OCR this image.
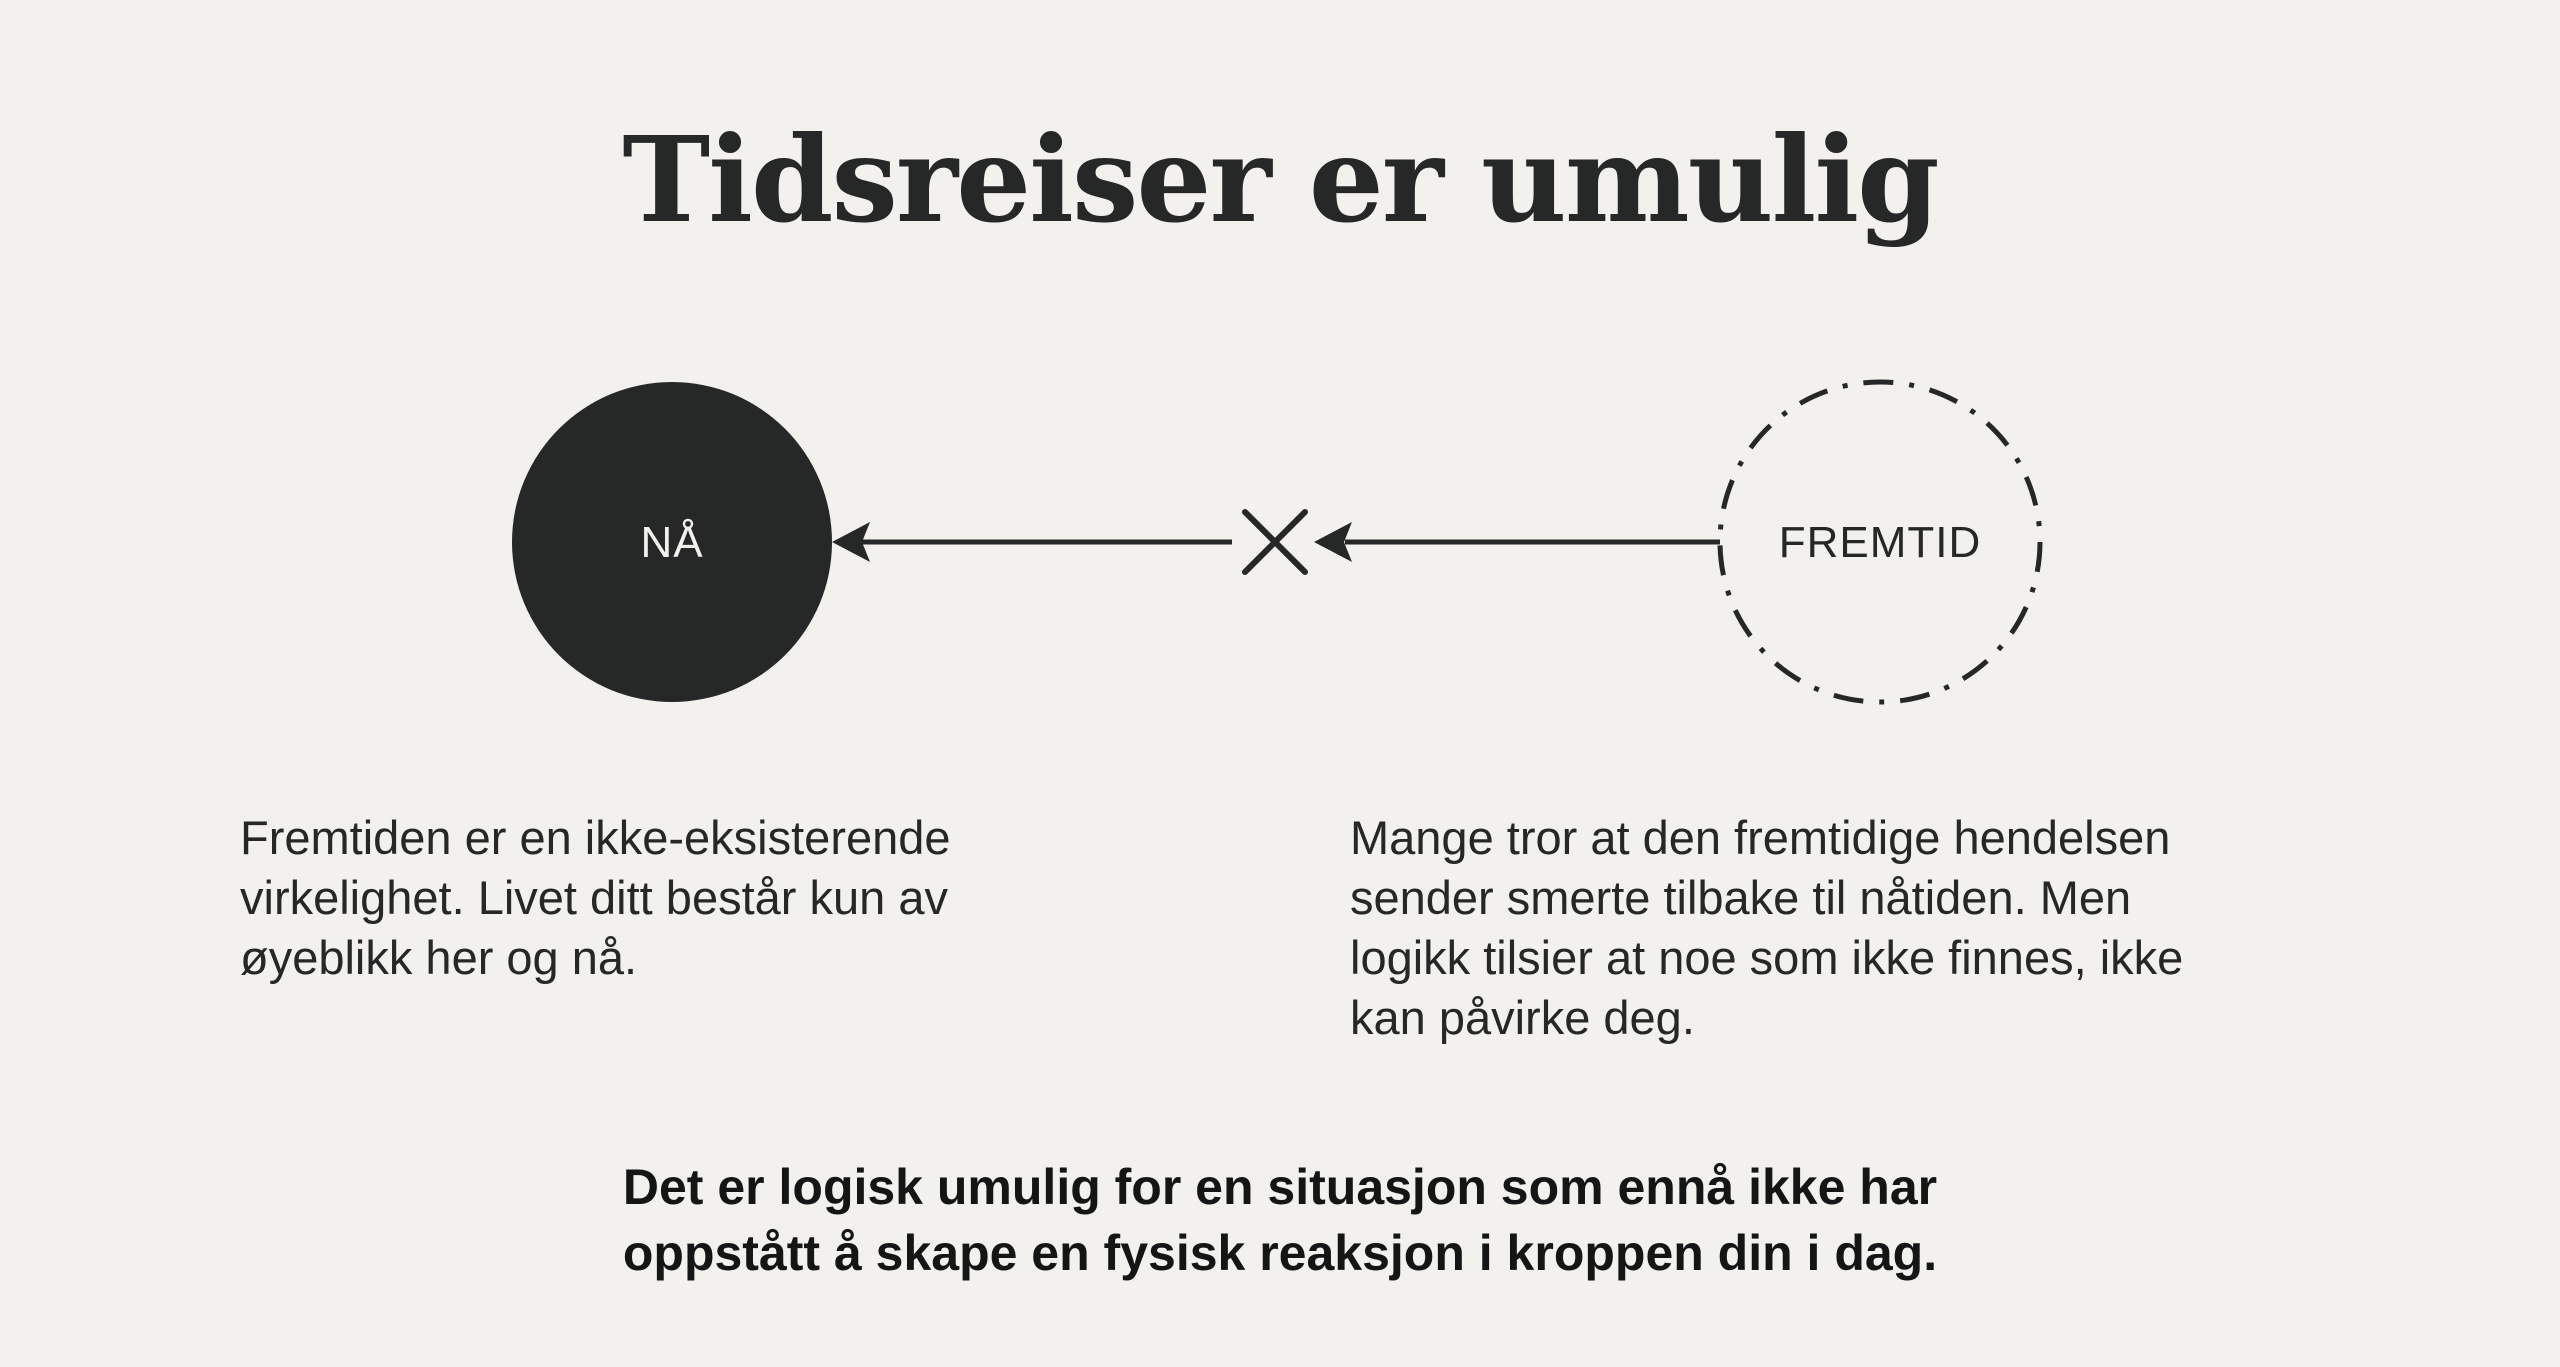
Tidsreiser er umulig
NÅ	FREMTID
Fremtiden er en ikke-eksisterende
virkelighet. Livet ditt består kun av
øyeblikk her og nå.
Mange tror at den fremtidige hendelsen
sender smerte tilbake til nåtiden. Men
logikk tilsier at noe som ikke finnes, ikke
kan påvirke deg.
Det er logisk umulig for en situasjon som ennå ikke har
oppstått å skape en fysisk reaksjon i kroppen din i dag.
